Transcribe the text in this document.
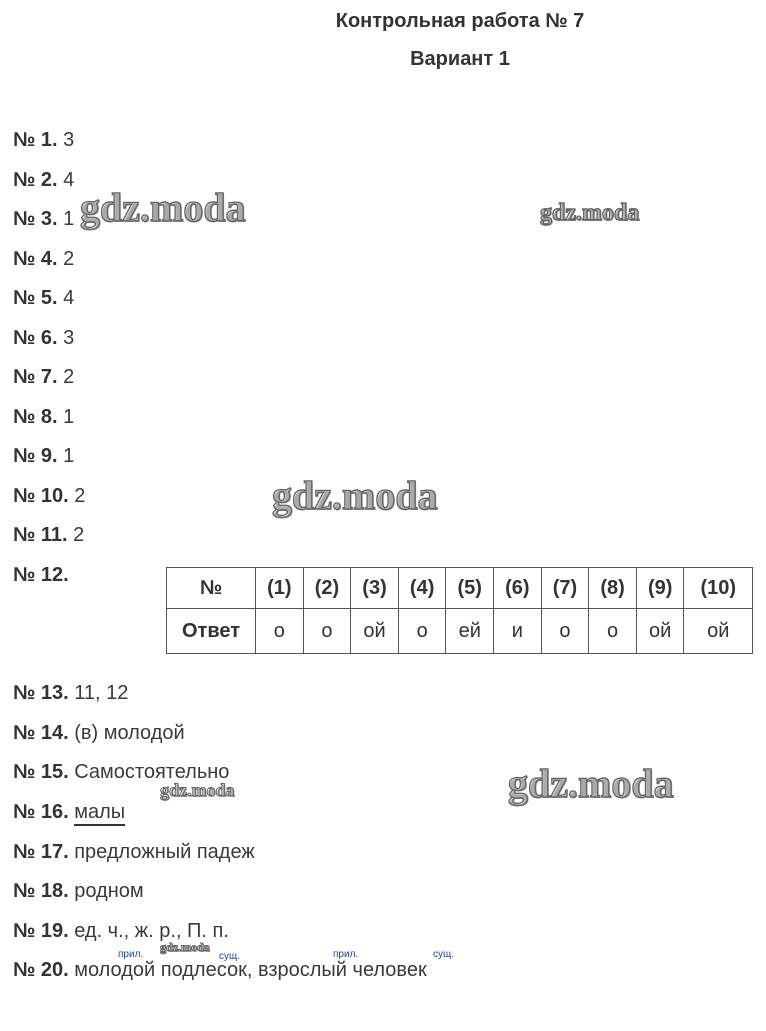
Контрольная работа № 7
Вариант 1
№ 1. 3
№ 2. 4
№ 3. 1
№ 4. 2
№ 5. 4
№ 6. 3
№ 7. 2
№ 8. 1
№ 9. 1
№ 10. 2
№ 11. 2
№ 12.
№	(1)	(2)	(3)	(4)	(5)	(6)	(7)	(8)	(9)	(10)
Ответ	о	о	ой	о	ей	и	о	о	ой	ой
№ 13. 11, 12
№ 14. (в) молодой
№ 15. Самостоятельно
№ 16. малы
№ 17. предложный падеж
№ 18. родном
№ 19. ед. ч., ж. р., П. п.
№ 20. молодой подлесок, взрослый человек
прил.	сущ.	прил.	сущ.
gdz.moda	gdz.moda
gdz.moda
gdz.moda
gdz.moda
gdz.moda
